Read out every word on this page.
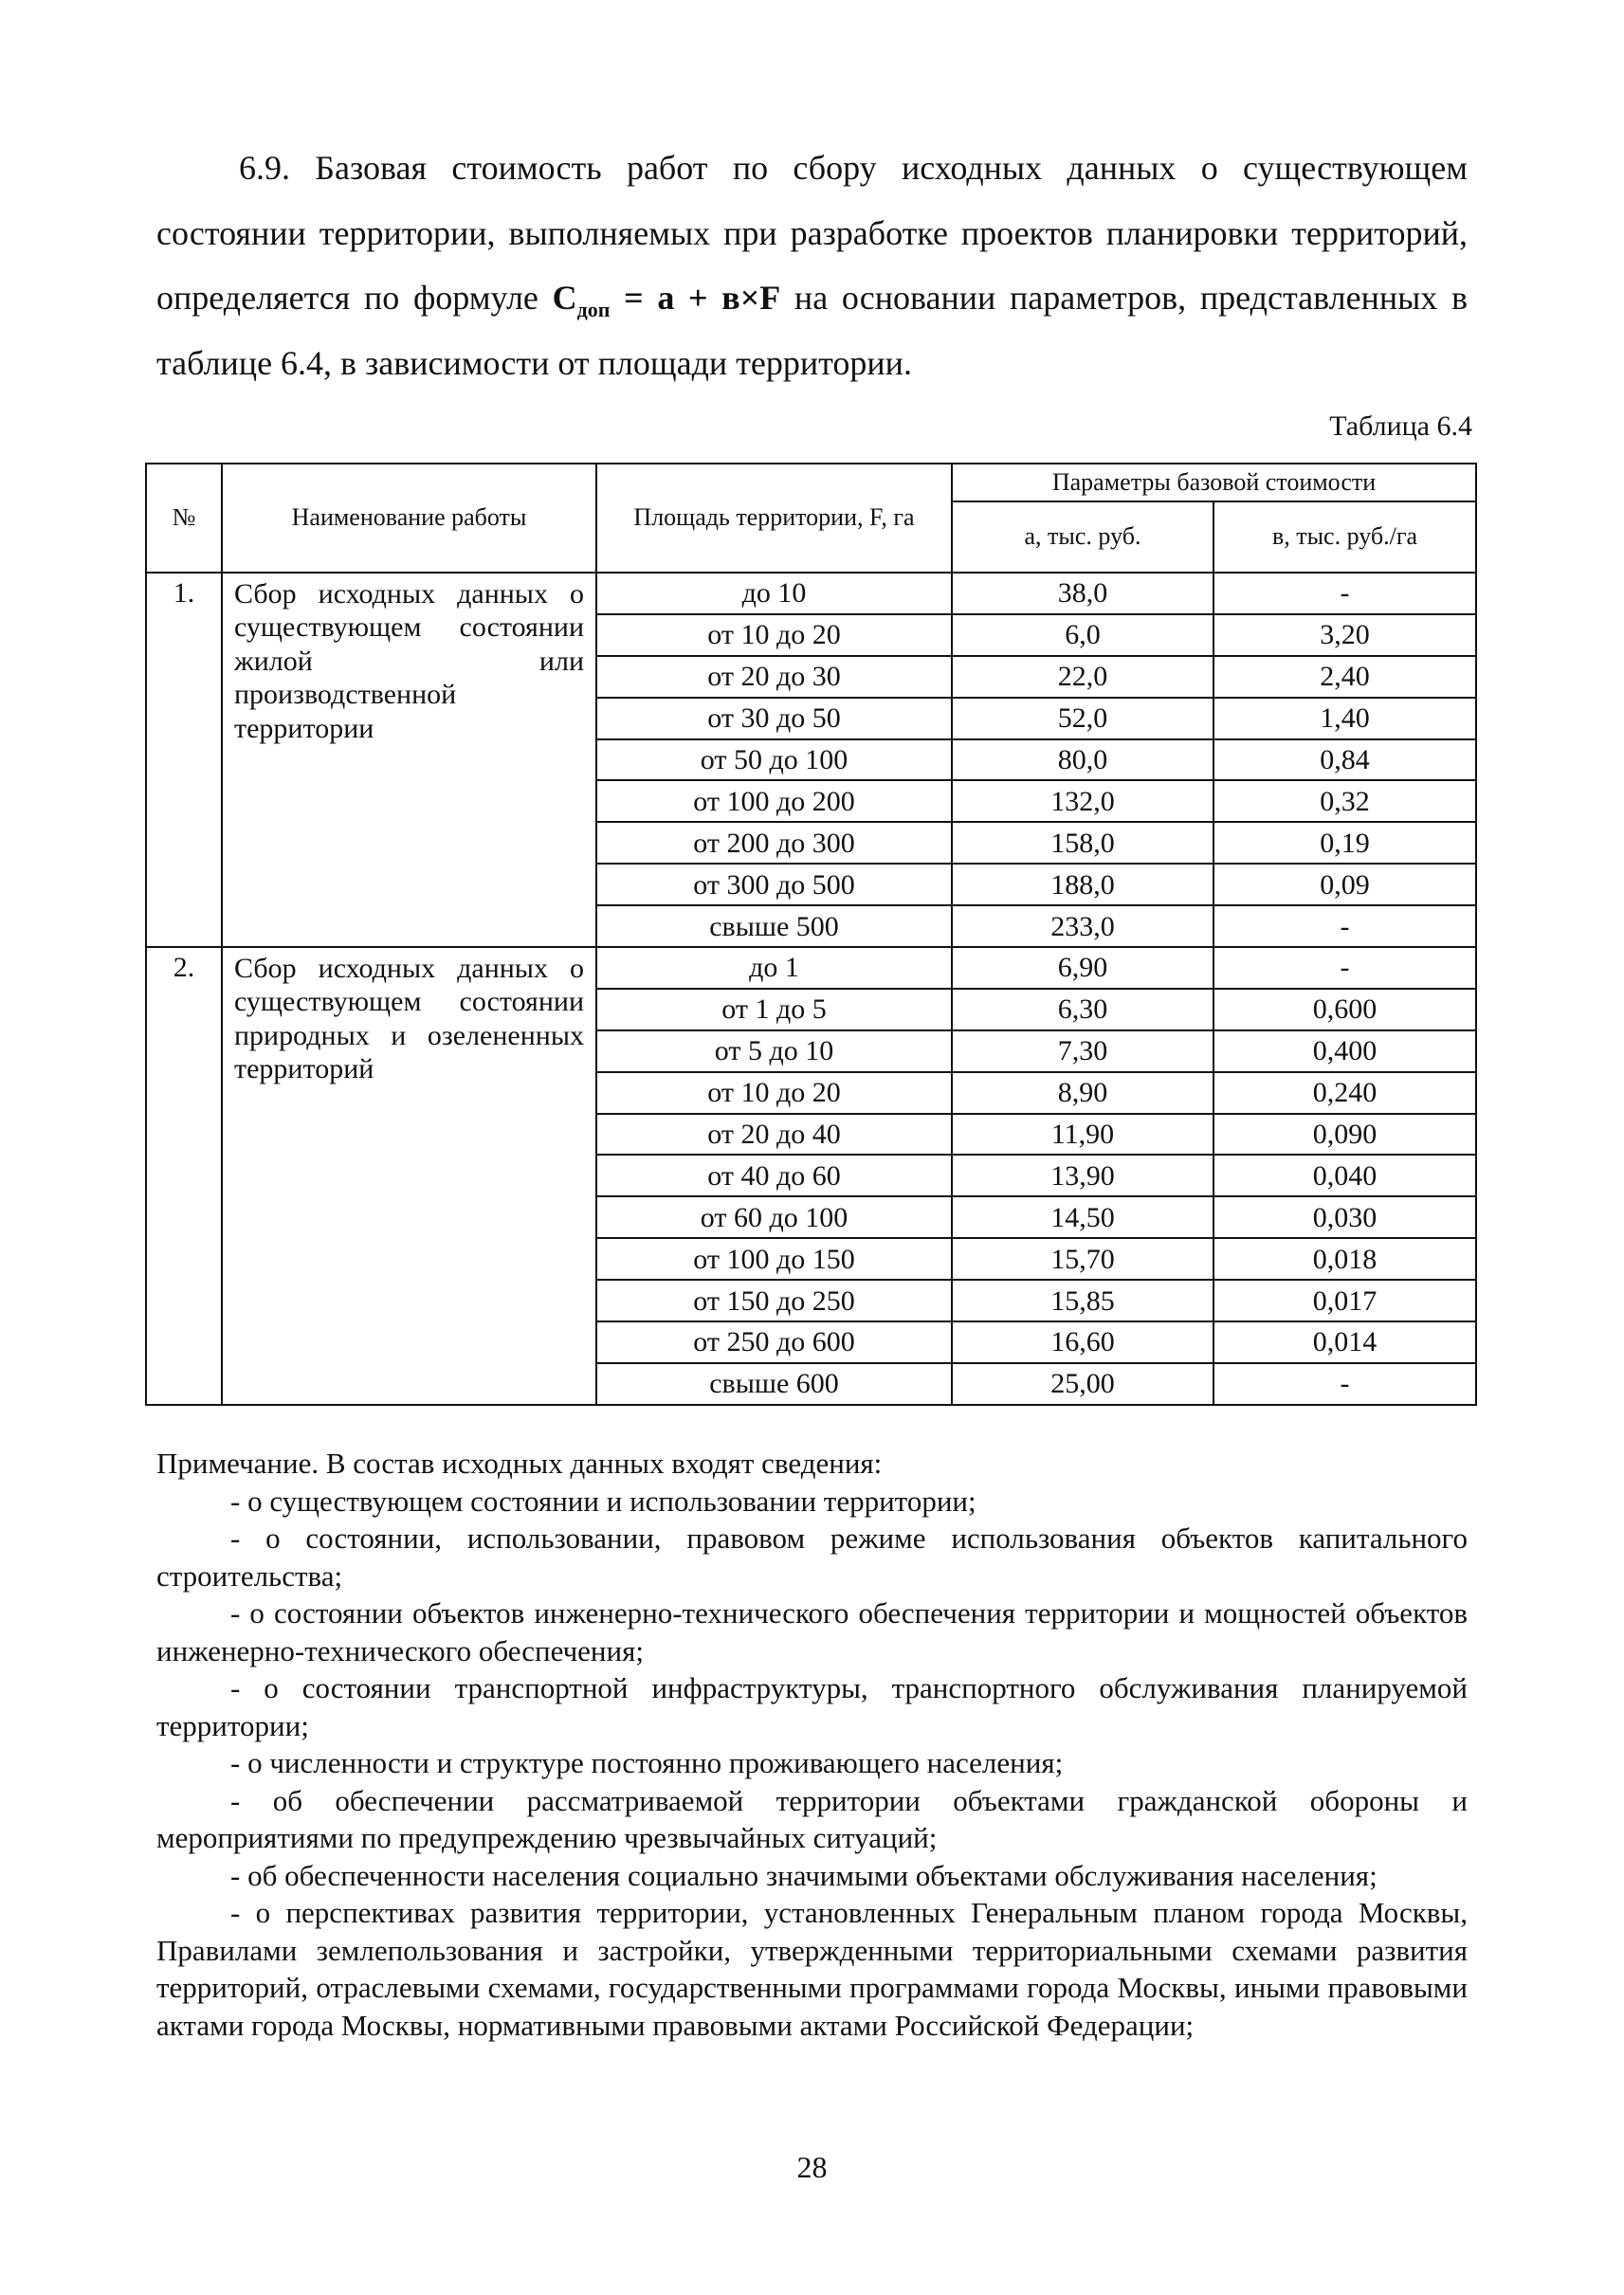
6.9. Базовая стоимость работ по сбору исходных данных о существующем состоянии территории, выполняемых при разработке проектов планировки территорий, определяется по формуле $С_{доп} = а + в\times F$ на основании параметров, представленных в таблице 6.4, в зависимости от площади территории.

Таблица 6.4

№	Наименование работы	Площадь территории, F, га	Параметры базовой стоимости	
			а, тыс. руб.	в, тыс. руб./га
1.	Сбор исходных данных о существующем состоянии жилой или производственной территории	до 10	38,0	-
		от 10 до 20	6,0	3,20
		от 20 до 30	22,0	2,40
		от 30 до 50	52,0	1,40
		от 50 до 100	80,0	0,84
		от 100 до 200	132,0	0,32
		от 200 до 300	158,0	0,19
		от 300 до 500	188,0	0,09
		свыше 500	233,0	-
2.	Сбор исходных данных о существующем состоянии природных и озелененных территорий	до 1	6,90	-
		от 1 до 5	6,30	0,600
		от 5 до 10	7,30	0,400
		от 10 до 20	8,90	0,240
		от 20 до 40	11,90	0,090
		от 40 до 60	13,90	0,040
		от 60 до 100	14,50	0,030
		от 100 до 150	15,70	0,018
		от 150 до 250	15,85	0,017
		от 250 до 600	16,60	0,014
		свыше 600	25,00	-

Примечание. В состав исходных данных входят сведения:

- о существующем состоянии и использовании территории;

- о состоянии, использовании, правовом режиме использования объектов капитального строительства;

- о состоянии объектов инженерно-технического обеспечения территории и мощностей объектов инженерно-технического обеспечения;

- о состоянии транспортной инфраструктуры, транспортного обслуживания планируемой территории;

- о численности и структуре постоянно проживающего населения;

- об обеспечении рассматриваемой территории объектами гражданской обороны и мероприятиями по предупреждению чрезвычайных ситуаций;

- об обеспеченности населения социально значимыми объектами обслуживания населения;

- о перспективах развития территории, установленных Генеральным планом города Москвы, Правилами землепользования и застройки, утвержденными территориальными схемами развития территорий, отраслевыми схемами, государственными программами города Москвы, иными правовыми актами города Москвы, нормативными правовыми актами Российской Федерации;

28
